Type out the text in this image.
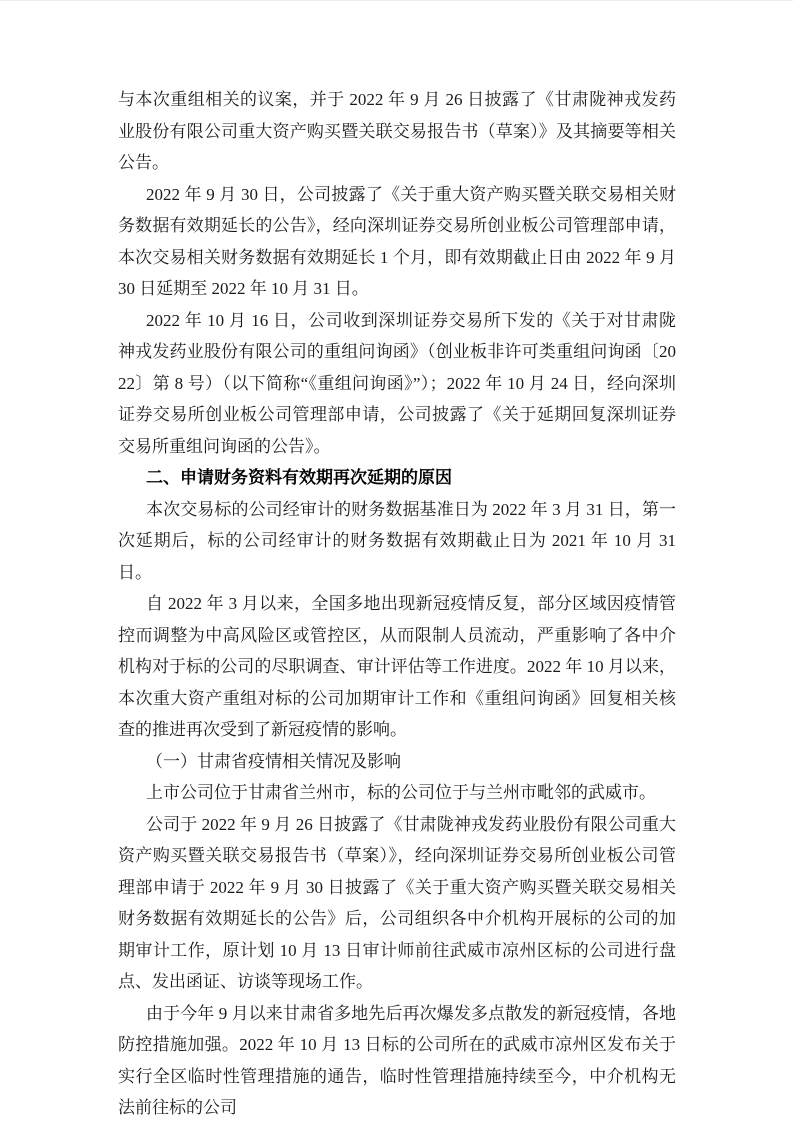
与本次重组相关的议案，并于 2022 年 9 月 26 日披露了《甘肃陇神戎发药业股份有限公司重大资产购买暨关联交易报告书（草案）》及其摘要等相关公告。

2022 年 9 月 30 日，公司披露了《关于重大资产购买暨关联交易相关财务数据有效期延长的公告》，经向深圳证券交易所创业板公司管理部申请，本次交易相关财务数据有效期延长 1 个月，即有效期截止日由 2022 年 9 月 30 日延期至 2022 年 10 月 31 日。

2022 年 10 月 16 日，公司收到深圳证券交易所下发的《关于对甘肃陇神戎发药业股份有限公司的重组问询函》（创业板非许可类重组问询函〔2022〕第 8 号）（以下简称“《重组问询函》”）；2022 年 10 月 24 日，经向深圳证券交易所创业板公司管理部申请，公司披露了《关于延期回复深圳证券交易所重组问询函的公告》。

二、申请财务资料有效期再次延期的原因

本次交易标的公司经审计的财务数据基准日为 2022 年 3 月 31 日，第一次延期后，标的公司经审计的财务数据有效期截止日为 2021 年 10 月 31 日。

自 2022 年 3 月以来，全国多地出现新冠疫情反复，部分区域因疫情管控而调整为中高风险区或管控区，从而限制人员流动，严重影响了各中介机构对于标的公司的尽职调查、审计评估等工作进度。2022 年 10 月以来，本次重大资产重组对标的公司加期审计工作和《重组问询函》回复相关核查的推进再次受到了新冠疫情的影响。

（一）甘肃省疫情相关情况及影响

上市公司位于甘肃省兰州市，标的公司位于与兰州市毗邻的武威市。

公司于 2022 年 9 月 26 日披露了《甘肃陇神戎发药业股份有限公司重大资产购买暨关联交易报告书（草案）》，经向深圳证券交易所创业板公司管理部申请于 2022 年 9 月 30 日披露了《关于重大资产购买暨关联交易相关财务数据有效期延长的公告》后，公司组织各中介机构开展标的公司的加期审计工作，原计划 10 月 13 日审计师前往武威市凉州区标的公司进行盘点、发出函证、访谈等现场工作。

由于今年 9 月以来甘肃省多地先后再次爆发多点散发的新冠疫情，各地防控措施加强。2022 年 10 月 13 日标的公司所在的武威市凉州区发布关于实行全区临时性管理措施的通告，临时性管理措施持续至今，中介机构无法前往标的公司
